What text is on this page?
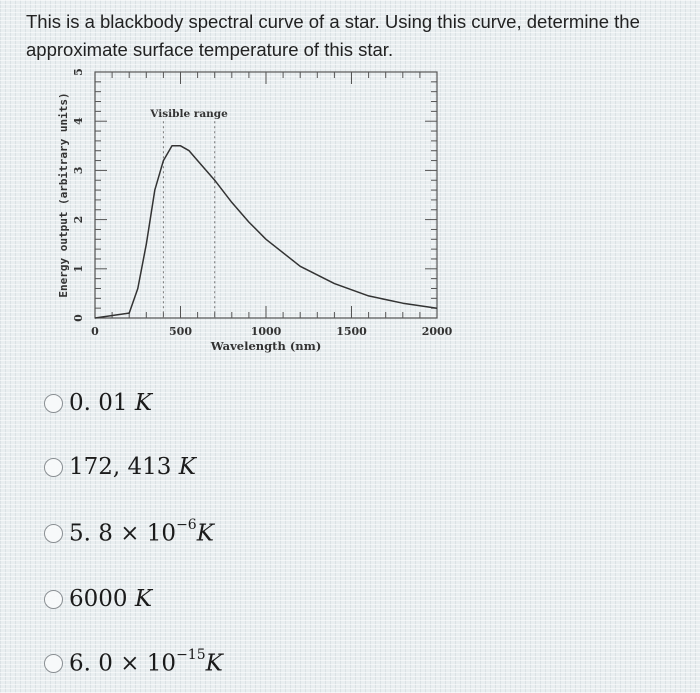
This is a blackbody spectral curve of a star. Using this curve, determine the approximate surface temperature of this star.
Visible range
0	500	1000	1500	2000
0
1
2
3
4
5
Wavelength (nm)
Energy output (arbitrary units)
0. 01 K
172, 413 K
5. $8 \times 10^{-6}K$
6000 K
6. $0 \times 10^{-15}K$
